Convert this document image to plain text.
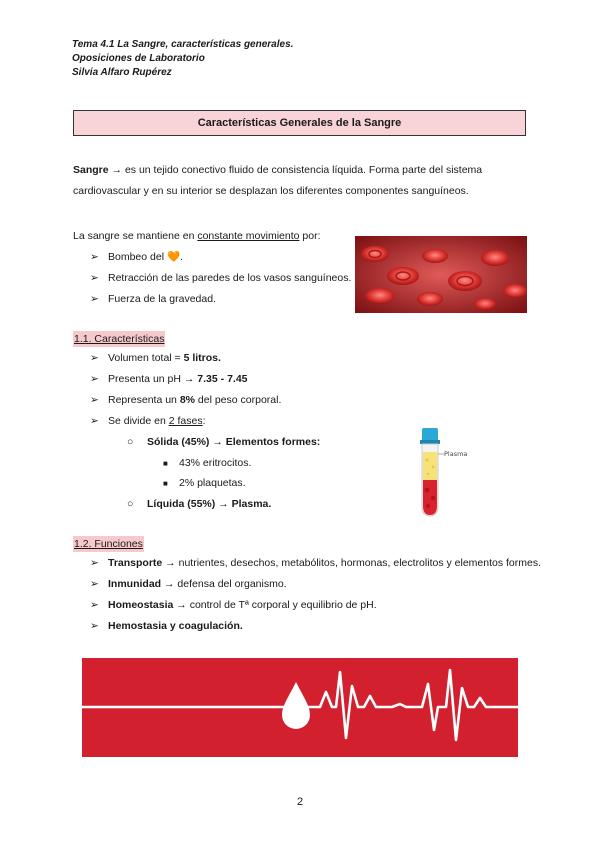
Tema 4.1 La Sangre, características generales.
Oposiciones de Laboratorio
Silvia Alfaro Rupérez
Características Generales de la Sangre
Sangre → es un tejido conectivo fluido de consistencia líquida. Forma parte del sistema cardiovascular y en su interior se desplazan los diferentes componentes sanguíneos.
La sangre se mantiene en constante movimiento por:
➢ Bombeo del 🧡.
➢ Retracción de las paredes de los vasos sanguíneos.
➢ Fuerza de la gravedad.
1.1. Características
➢ Volumen total = 5 litros.
➢ Presenta un pH → 7.35 - 7.45
➢ Representa un 8% del peso corporal.
➢ Se divide en 2 fases:
○ Sólida (45%) → Elementos formes:
■ 43% eritrocitos.
■ 2% plaquetas.
○ Líquida (55%) → Plasma.
Plasma
1.2. Funciones
➢ Transporte → nutrientes, desechos, metabólitos, hormonas, electrolitos y elementos formes.
➢ Inmunidad → defensa del organismo.
➢ Homeostasia → control de Tª corporal y equilibrio de pH.
➢ Hemostasia y coagulación.
2
